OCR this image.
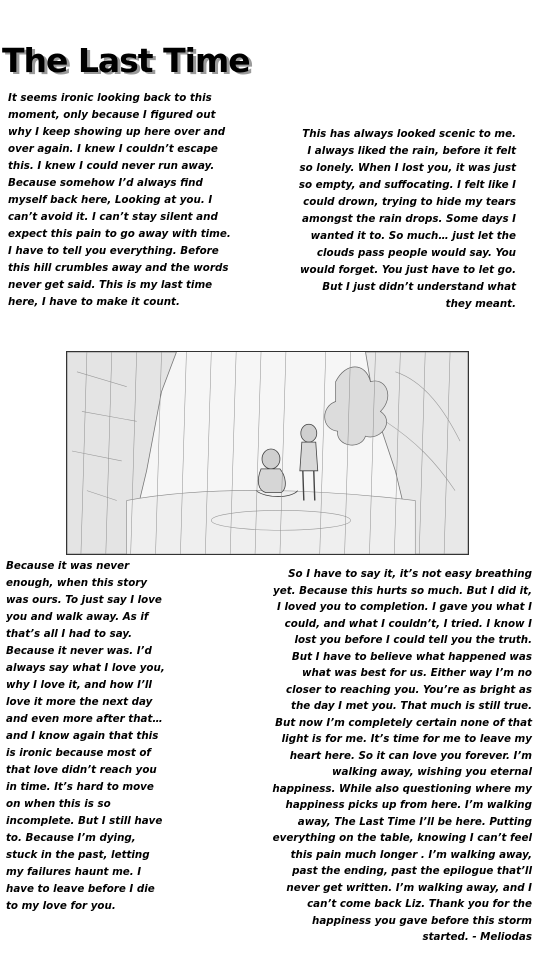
The Last Time

It seems ironic looking back to this moment, only because I figured out why I keep showing up here over and over again. I knew I couldn’t escape this. I knew I could never run away. Because somehow I’d always find myself back here, Looking at you. I can’t avoid it. I can’t stay silent and expect this pain to go away with time. I have to tell you everything. Before this hill crumbles away and the words never get said. This is my last time here, I have to make it count.

This has always looked scenic to me. I always liked the rain, before it felt so lonely. When I lost you, it was just so empty, and suffocating. I felt like I could drown, trying to hide my tears amongst the rain drops. Some days I wanted it to. So much… just let the clouds pass people would say. You would forget. You just have to let go. But I just didn’t understand what they meant.

Because it was never enough, when this story was ours. To just say I love you and walk away. As if that’s all I had to say. Because it never was. I’d always say what I love you, why I love it, and how I’ll love it more the next day and even more after that… and I know again that this is ironic because most of that love didn’t reach you in time. It’s hard to move on when this is so incomplete. But I still have to. Because I’m dying, stuck in the past, letting my failures haunt me. I have to leave before I die to my love for you.

So I have to say it, it’s not easy breathing yet. Because this hurts so much. But I did it, I loved you to completion. I gave you what I could, and what I couldn’t, I tried. I know I lost you before I could tell you the truth. But I have to believe what happened was what was best for us. Either way I’m no closer to reaching you. You’re as bright as the day I met you. That much is still true. But now I’m completely certain none of that light is for me. It’s time for me to leave my heart here. So it can love you forever. I’m walking away, wishing you eternal happiness. While also questioning where my happiness picks up from here. I’m walking away, The Last Time I’ll be here. Putting everything on the table, knowing I can’t feel this pain much longer . I’m walking away, past the ending, past the epilogue that’ll never get written. I’m walking away, and I can’t come back Liz. Thank you for the happiness you gave before this storm started. - Meliodas
